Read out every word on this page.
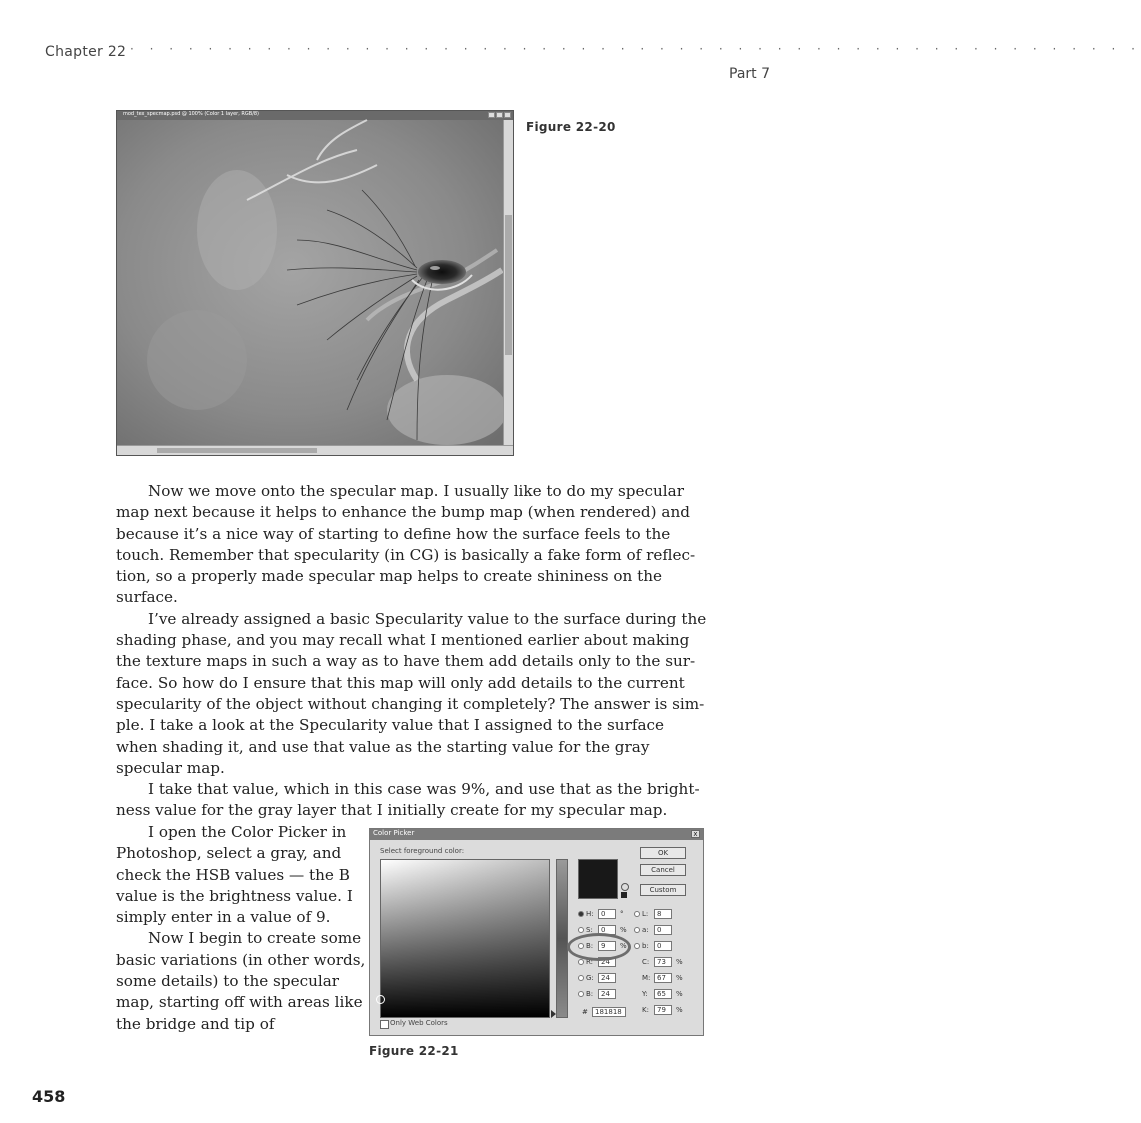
Chapter 22 · · · · · · · · · · · · · · · · · · · · · · · · · · · · · · · · · · · · · · · · · · · · · · · · · · · ·
Part 7
mod_tex_specmap.psd @ 100% (Color 1 layer, RGB/8)
Figure 22-20

Now we move onto the specular map. I usually like to do my specular map next because it helps to enhance the bump map (when rendered) and because it’s a nice way of starting to define how the surface feels to the touch. Remember that specularity (in CG) is basically a fake form of reflec-tion, so a properly made specular map helps to create shininess on the surface.

I’ve already assigned a basic Specularity value to the surface during the shading phase, and you may recall what I mentioned earlier about making the texture maps in such a way as to have them add details only to the sur-face. So how do I ensure that this map will only add details to the current specularity of the object without changing it completely? The answer is sim-ple. I take a look at the Specularity value that I assigned to the surface when shading it, and use that value as the starting value for the gray specular map.

I take that value, which in this case was 9%, and use that as the bright-ness value for the gray layer that I initially create for my specular map.

I open the Color Picker in Photoshop, select a gray, and check the HSB values — the B value is the brightness value. I simply enter in a value of 9.

Now I begin to create some basic variations (in other words, some details) to the specular map, starting off with areas like the bridge and tip of

Color Picker	x
Select foreground color:	OK
Cancel
Custom
H:	0	°
S:	0	%
B:	9	%
R:	24
G:	24
B:	24
L:	8
a:	0
b:	0
C:	73	%
M: 67	%
Y:	65	%
K:	79	%
#	181818
Only Web Colors
Figure 22-21
458
